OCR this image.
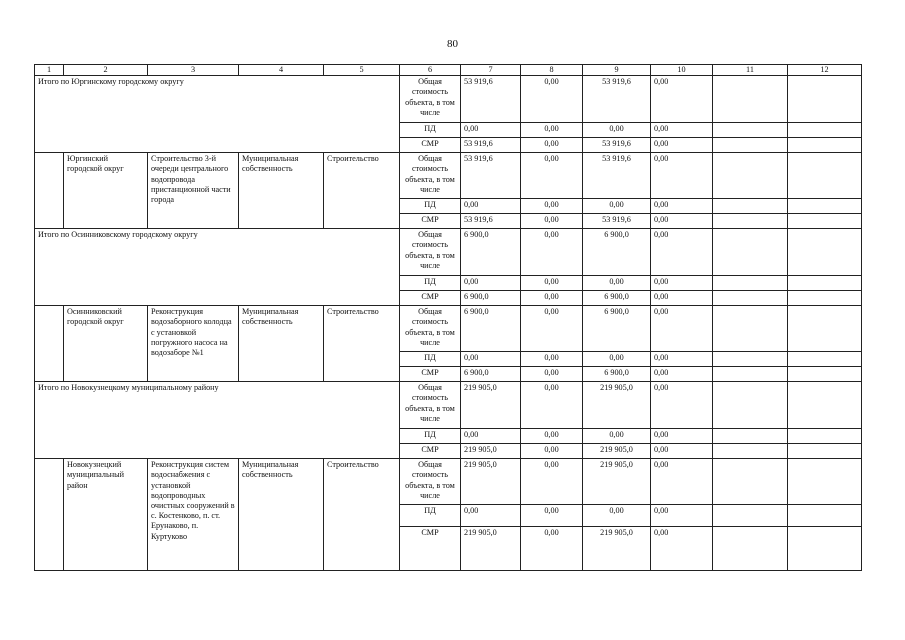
80
1	2	3	4	5	6	7	8	9	10	11	12
Итого по Юргинскому городскому округу					Общая стоимость объекта, в том числе	53 919,6	0,00	53 919,6	0,00		
					ПД	0,00	0,00	0,00	0,00		
					СМР	53 919,6	0,00	53 919,6	0,00		
	Юргинский городской округ	Строительство 3-й очереди центрального водопровода пристанционной части города	Муниципальная собственность	Строительство	Общая стоимость объекта, в том числе	53 919,6	0,00	53 919,6	0,00		
					ПД	0,00	0,00	0,00	0,00		
					СМР	53 919,6	0,00	53 919,6	0,00		
Итого по Осинниковскому городскому округу					Общая стоимость объекта, в том числе	6 900,0	0,00	6 900,0	0,00		
					ПД	0,00	0,00	0,00	0,00		
					СМР	6 900,0	0,00	6 900,0	0,00		
	Осинниковский городской округ	Реконструкция водозаборного колодца с установкой погружного насоса на водозаборе №1	Муниципальная собственность	Строительство	Общая стоимость объекта, в том числе	6 900,0	0,00	6 900,0	0,00		
					ПД	0,00	0,00	0,00	0,00		
					СМР	6 900,0	0,00	6 900,0	0,00		
Итого по Новокузнецкому муниципальному району					Общая стоимость объекта, в том числе	219 905,0	0,00	219 905,0	0,00		
					ПД	0,00	0,00	0,00	0,00		
					СМР	219 905,0	0,00	219 905,0	0,00		
	Новокузнецкий муниципальный район	Реконструкция систем водоснабжения с установкой водопроводных очистных сооружений в с. Костенково, п. ст. Ерунаково, п. Куртуково	Муниципальная собственность	Строительство	Общая стоимость объекта, в том числе	219 905,0	0,00	219 905,0	0,00		
					ПД	0,00	0,00	0,00	0,00		
					СМР	219 905,0	0,00	219 905,0	0,00		
